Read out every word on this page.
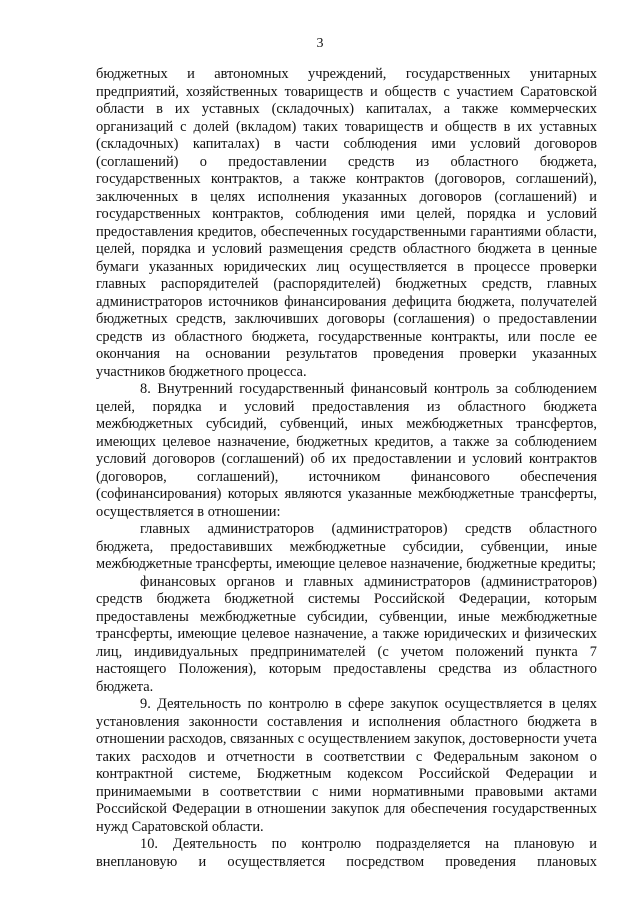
3

бюджетных и автономных учреждений, государственных унитарных предприятий, хозяйственных товариществ и обществ с участием Саратовской области в их уставных (складочных) капиталах, а также коммерческих организаций с долей (вкладом) таких товариществ и обществ в их уставных (складочных) капиталах) в части соблюдения ими условий договоров (соглашений) о предоставлении средств из областного бюджета, государственных контрактов, а также контрактов (договоров, соглашений), заключенных в целях исполнения указанных договоров (соглашений) и государственных контрактов, соблюдения ими целей, порядка и условий предоставления кредитов, обеспеченных государственными гарантиями области, целей, порядка и условий размещения средств областного бюджета в ценные бумаги указанных юридических лиц осуществляется в процессе проверки главных распорядителей (распорядителей) бюджетных средств, главных администраторов источников финансирования дефицита бюджета, получателей бюджетных средств, заключивших договоры (соглашения) о предоставлении средств из областного бюджета, государственные контракты, или после ее окончания на основании результатов проведения проверки указанных участников бюджетного процесса.

8. Внутренний государственный финансовый контроль за соблюдением целей, порядка и условий предоставления из областного бюджета межбюджетных субсидий, субвенций, иных межбюджетных трансфертов, имеющих целевое назначение, бюджетных кредитов, а также за соблюдением условий договоров (соглашений) об их предоставлении и условий контрактов (договоров, соглашений), источником финансового обеспечения (софинансирования) которых являются указанные межбюджетные трансферты, осуществляется в отношении:

главных администраторов (администраторов) средств областного бюджета, предоставивших межбюджетные субсидии, субвенции, иные межбюджетные трансферты, имеющие целевое назначение, бюджетные кредиты;

финансовых органов и главных администраторов (администраторов) средств бюджета бюджетной системы Российской Федерации, которым предоставлены межбюджетные субсидии, субвенции, иные межбюджетные трансферты, имеющие целевое назначение, а также юридических и физических лиц, индивидуальных предпринимателей (с учетом положений пункта 7 настоящего Положения), которым предоставлены средства из областного бюджета.

9. Деятельность по контролю в сфере закупок осуществляется в целях установления законности составления и исполнения областного бюджета в отношении расходов, связанных с осуществлением закупок, достоверности учета таких расходов и отчетности в соответствии с Федеральным законом о контрактной системе, Бюджетным кодексом Российской Федерации и принимаемыми в соответствии с ними нормативными правовыми актами Российской Федерации в отношении закупок для обеспечения государственных нужд Саратовской области.

10. Деятельность по контролю подразделяется на плановую и внеплановую и осуществляется посредством проведения плановых
